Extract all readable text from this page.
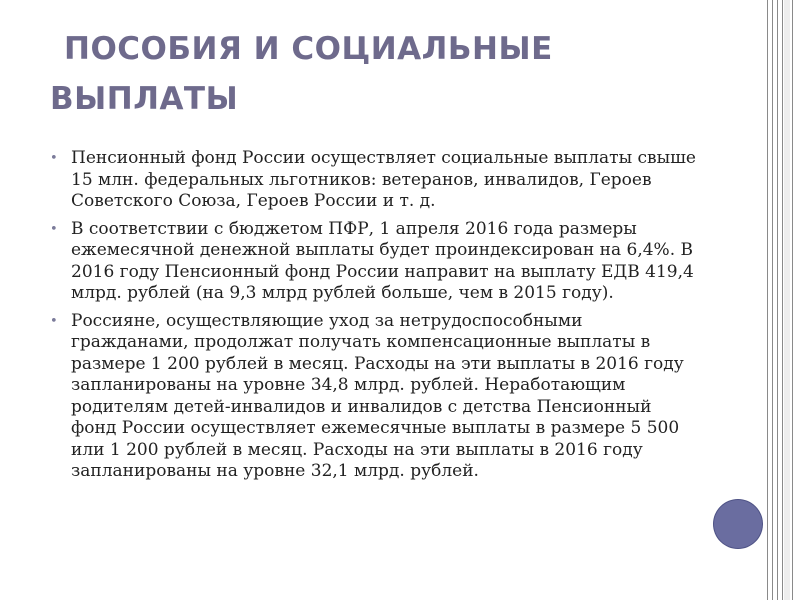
ПОСОБИЯ И СОЦИАЛЬНЫЕ
ВЫПЛАТЫ
• Пенсионный фонд России осуществляет социальные выплаты свыше 15 млн. федеральных льготников: ветеранов, инвалидов, Героев Советского Союза, Героев России и т. д.
• В соответствии с бюджетом ПФР, 1 апреля 2016 года размеры ежемесячной денежной выплаты будет проиндексирован на 6,4%. В 2016 году Пенсионный фонд России направит на выплату ЕДВ 419,4 млрд. рублей (на 9,3 млрд рублей больше, чем в 2015 году).
• Россияне, осуществляющие уход за нетрудоспособными гражданами, продолжат получать компенсационные выплаты в размере 1 200 рублей в месяц. Расходы на эти выплаты в 2016 году запланированы на уровне 34,8 млрд. рублей. Неработающим родителям детей-инвалидов и инвалидов с детства Пенсионный фонд России осуществляет ежемесячные выплаты в размере 5 500 или 1 200 рублей в месяц. Расходы на эти выплаты в 2016 году запланированы на уровне 32,1 млрд. рублей.
